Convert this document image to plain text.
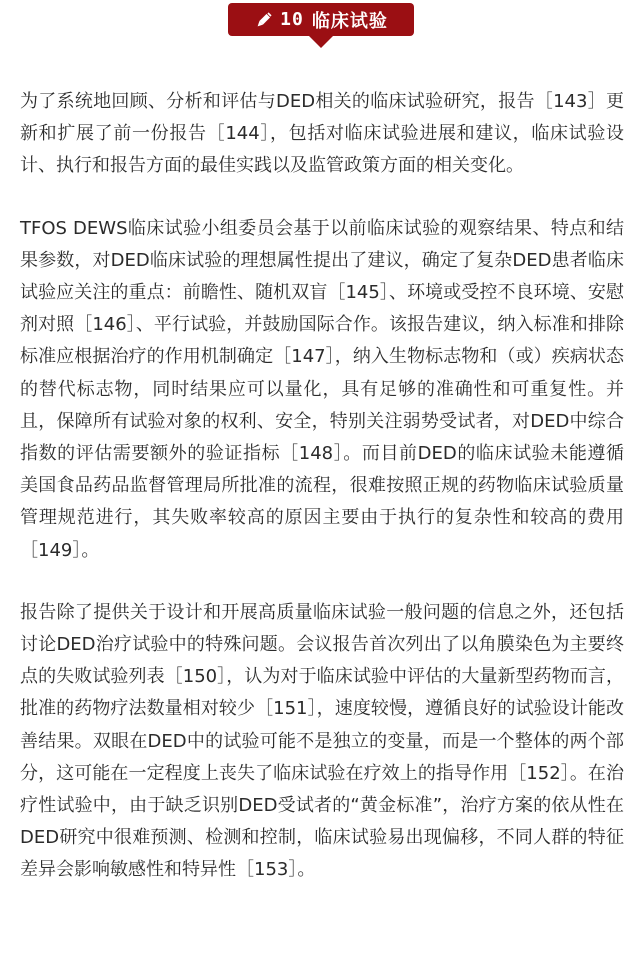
10 临床试验

为了系统地回顾、分析和评估与DED相关的临床试验研究，报告［143］更新和扩展了前一份报告［144］，包括对临床试验进展和建议，临床试验设计、执行和报告方面的最佳实践以及监管政策方面的相关变化。

TFOS DEWS临床试验小组委员会基于以前临床试验的观察结果、特点和结果参数，对DED临床试验的理想属性提出了建议，确定了复杂DED患者临床试验应关注的重点：前瞻性、随机双盲［145］、环境或受控不良环境、安慰剂对照［146］、平行试验，并鼓励国际合作。该报告建议，纳入标准和排除标准应根据治疗的作用机制确定［147］，纳入生物标志物和（或）疾病状态的替代标志物，同时结果应可以量化，具有足够的准确性和可重复性。并且，保障所有试验对象的权利、安全，特别关注弱势受试者，对DED中综合指数的评估需要额外的验证指标［148］。而目前DED的临床试验未能遵循美国食品药品监督管理局所批准的流程，很难按照正规的药物临床试验质量管理规范进行，其失败率较高的原因主要由于执行的复杂性和较高的费用［149］。

报告除了提供关于设计和开展高质量临床试验一般问题的信息之外，还包括讨论DED治疗试验中的特殊问题。会议报告首次列出了以角膜染色为主要终点的失败试验列表［150］，认为对于临床试验中评估的大量新型药物而言，批准的药物疗法数量相对较少［151］，速度较慢，遵循良好的试验设计能改善结果。双眼在DED中的试验可能不是独立的变量，而是一个整体的两个部分，这可能在一定程度上丧失了临床试验在疗效上的指导作用［152］。在治疗性试验中，由于缺乏识别DED受试者的“黄金标准”，治疗方案的依从性在DED研究中很难预测、检测和控制，临床试验易出现偏移，不同人群的特征差异会影响敏感性和特异性［153］。
